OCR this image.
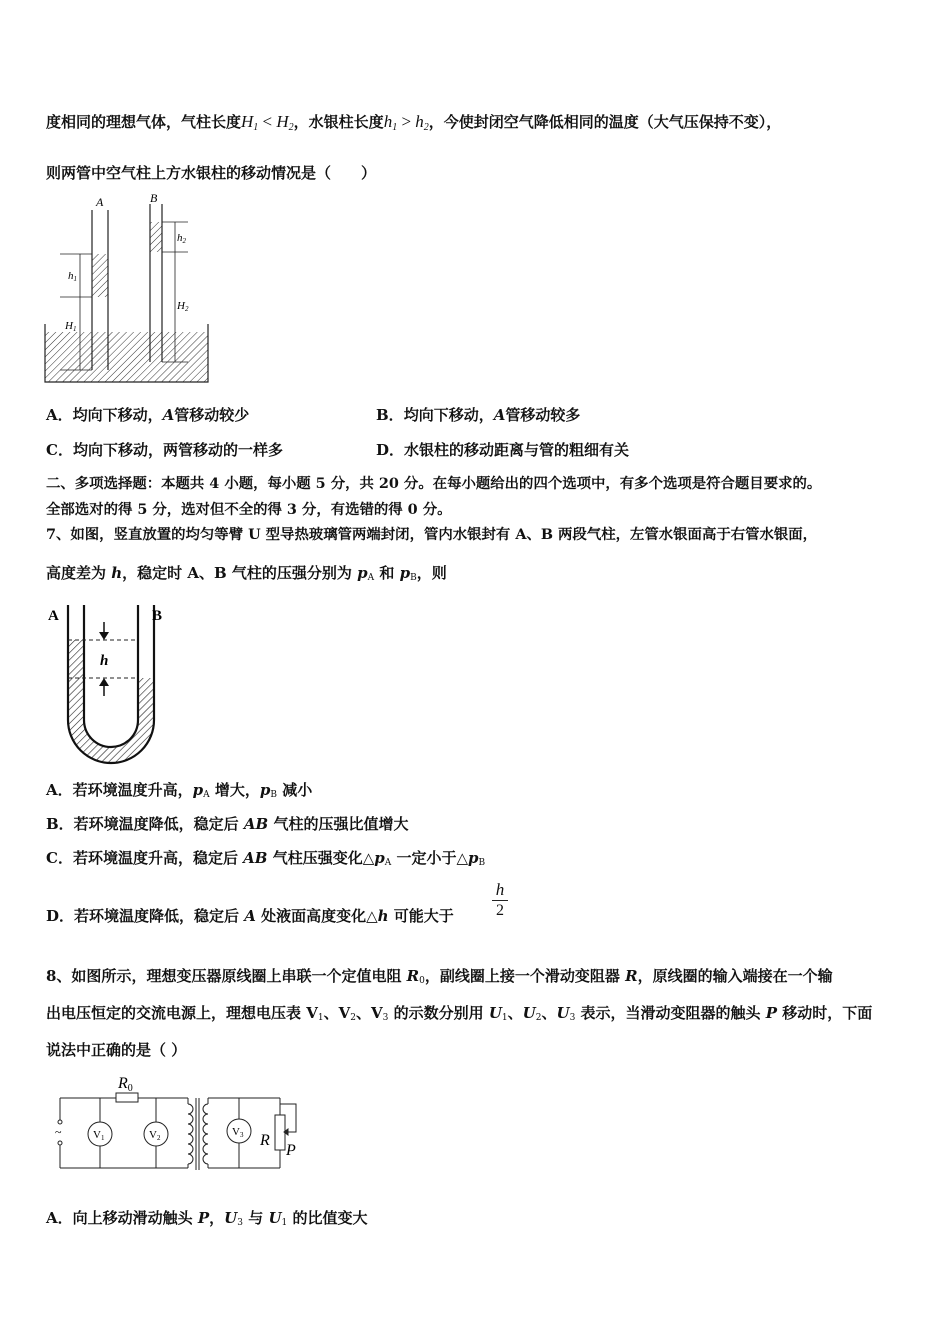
度相同的理想气体，气柱长度H1 < H2，水银柱长度h1 > h2，今使封闭空气降低相同的温度（大气压保持不变），
则两管中空气柱上方水银柱的移动情况是（　　）
A	B
h1
H1
h2
H2
A．均向下移动，A管移动较少	B．均向下移动，A管移动较多
C．均向下移动，两管移动的一样多	D．水银柱的移动距离与管的粗细有关
二、多项选择题：本题共 4 小题，每小题 5 分，共 20 分。在每小题给出的四个选项中，有多个选项是符合题目要求的。
全部选对的得 5 分，选对但不全的得 3 分，有选错的得 0 分。
7、如图，竖直放置的均匀等臂 U 型导热玻璃管两端封闭，管内水银封有 A、B 两段气柱，左管水银面高于右管水银面，
高度差为 h，稳定时 A、B 气柱的压强分别为 $p_A$ 和 $p_B$，则
h
A	B
A．若环境温度升高，$p_A$ 增大，$p_B$ 减小
B．若环境温度降低，稳定后 AB 气柱的压强比值增大
C．若环境温度升高，稳定后 AB 气柱压强变化$\triangle p_A$ 一定小于$\triangle p_B$
D．若环境温度降低，稳定后 A 处液面高度变化△h 可能大于
h
2
8、如图所示，理想变压器原线圈上串联一个定值电阻 $R_0$，副线圈上接一个滑动变阻器 R，原线圈的输入端接在一个输
出电压恒定的交流电源上，理想电压表 $V_1$、$V_2$、$V_3$ 的示数分别用 $U_1$、$U_2$、$U_3$ 表示，当滑动变阻器的触头 P 移动时，下面
说法中正确的是（ ）
R0
~	V1	V2	V3 R
P
A．向上移动滑动触头 P，$U_3$ 与 $U_1$ 的比值变大
